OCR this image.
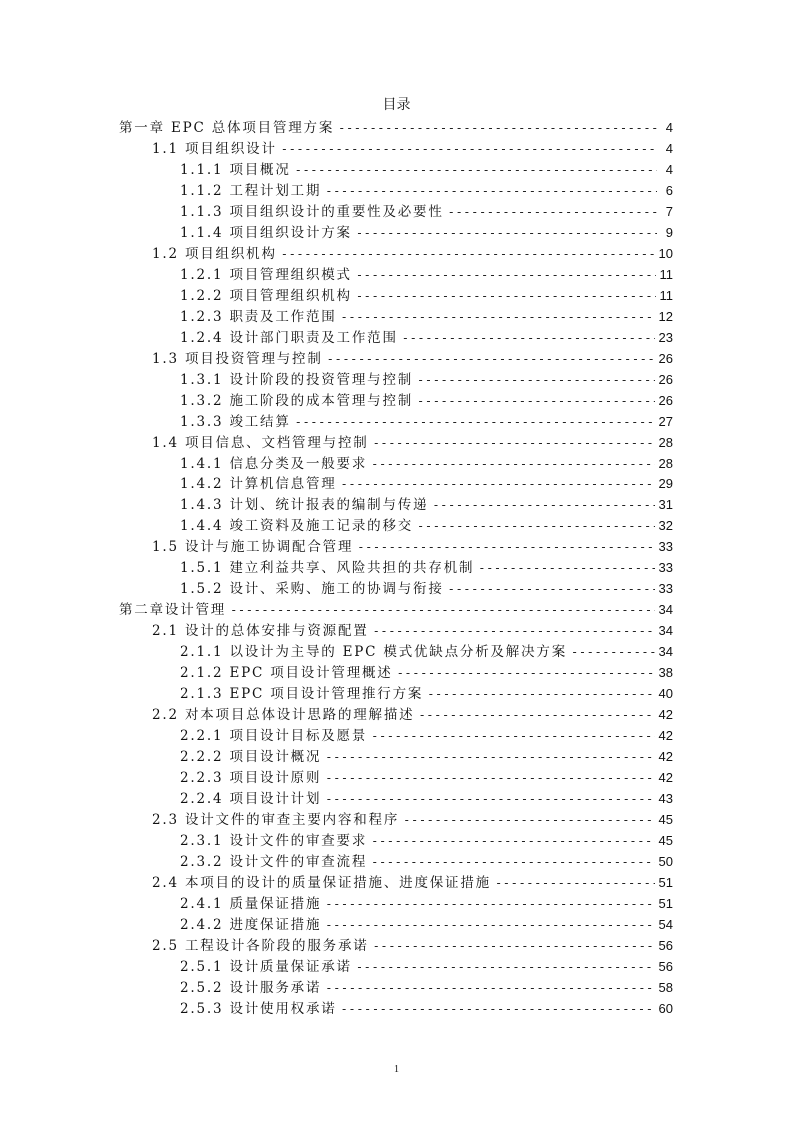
目录
第一章 EPC 总体项目管理方案 -----	4
1.1 项目组织设计 -----	4
1.1.1 项目概况 -----	4
1.1.2 工程计划工期 -----	6
1.1.3 项目组织设计的重要性及必要性 -----	7
1.1.4 项目组织设计方案 -----	9
1.2 项目组织机构 -----	10
1.2.1 项目管理组织模式 -----	11
1.2.2 项目管理组织机构 -----	11
1.2.3 职责及工作范围 -----	12
1.2.4 设计部门职责及工作范围 -----	23
1.3 项目投资管理与控制 -----	26
1.3.1 设计阶段的投资管理与控制 -----	26
1.3.2 施工阶段的成本管理与控制 -----	26
1.3.3 竣工结算 -----	27
1.4 项目信息、文档管理与控制 -----	28
1.4.1 信息分类及一般要求 -----	28
1.4.2 计算机信息管理 -----	29
1.4.3 计划、统计报表的编制与传递 -----	31
1.4.4 竣工资料及施工记录的移交 -----	32
1.5 设计与施工协调配合管理 -----	33
1.5.1 建立利益共享、风险共担的共存机制 -----	33
1.5.2 设计、采购、施工的协调与衔接 -----	33
第二章设计管理 -----	34
2.1 设计的总体安排与资源配置 -----	34
2.1.1 以设计为主导的 EPC 模式优缺点分析及解决方案 -----	34
2.1.2 EPC 项目设计管理概述 -----	38
2.1.3 EPC 项目设计管理推行方案 -----	40
2.2 对本项目总体设计思路的理解描述 -----	42
2.2.1 项目设计目标及愿景 -----	42
2.2.2 项目设计概况 -----	42
2.2.3 项目设计原则 -----	42
2.2.4 项目设计计划 -----	43
2.3 设计文件的审查主要内容和程序 -----	45
2.3.1 设计文件的审查要求 -----	45
2.3.2 设计文件的审查流程 -----	50
2.4 本项目的设计的质量保证措施、进度保证措施 -----	51
2.4.1 质量保证措施 -----	51
2.4.2 进度保证措施 -----	54
2.5 工程设计各阶段的服务承诺 -----	56
2.5.1 设计质量保证承诺 -----	56
2.5.2 设计服务承诺 -----	58
2.5.3 设计使用权承诺 -----	60
1
